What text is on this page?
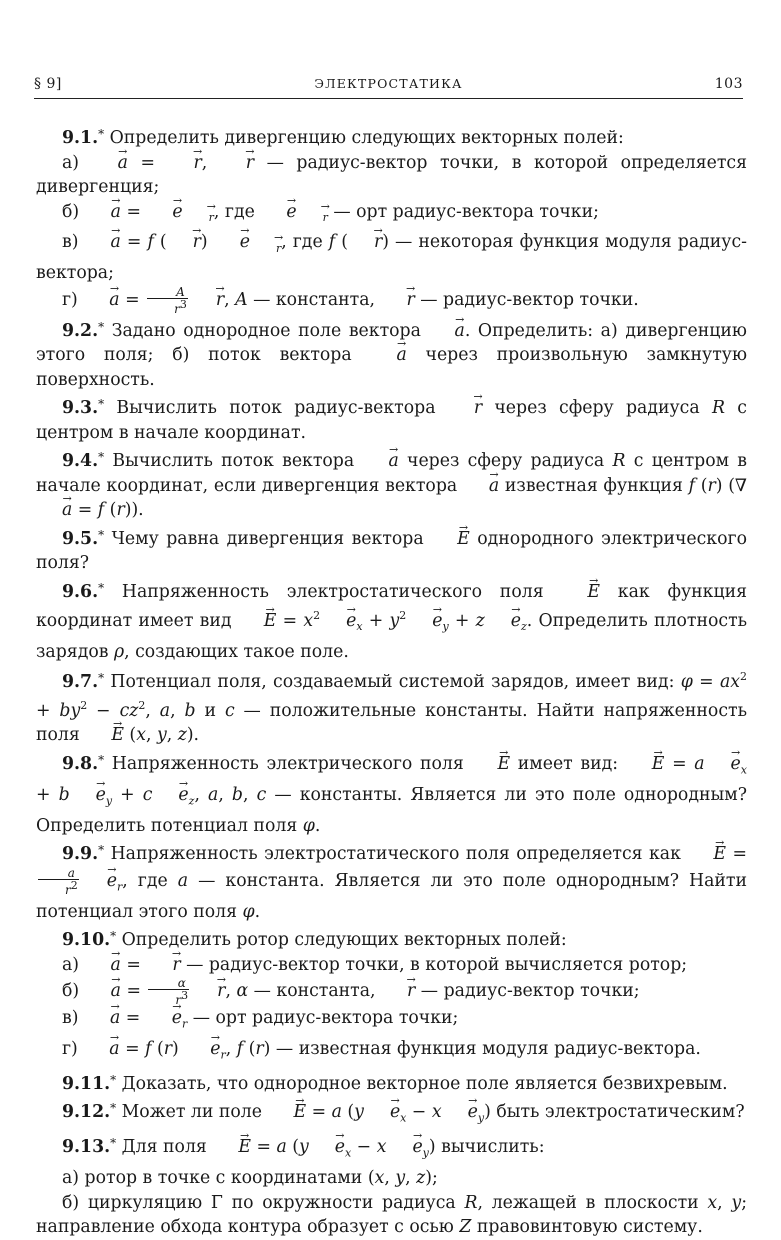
§ 9]	ЭЛЕКТРОСТАТИКА	103

9.1.* Определить дивергенцию следующих векторных полей:

а) → a = → r, → r — радиус-вектор точки, в которой определяется дивергенция;

б) → a = → e→ $_r$, где → e→ $_r$ — орт радиус-вектора точки;

в) → a = f (→ r) → e→ $_r$, где f (→ r) — некоторая функция модуля радиус-вектора;

$г) \to a = \frac{A}{r^3}$
→ r, A — константа, → r — радиус-вектор точки.

9.2.* Задано однородное поле вектора → a. Определить: а) дивергенцию этого поля; б) поток вектора →	a через произвольную замкнутую поверхность.

9.3.* Вычислить поток радиус-вектора → r через сферу радиуса R с центром в начале координат.

9.4.* Вычислить поток вектора → a через сферу радиуса R с центром в начале координат, если дивергенция вектора → a известная функция f (r) (∇ → a = f (r)).

9.5.* Чему равна дивергенция вектора → E однородного электрического поля?

9.6.* Напряженность электростатического поля →	E как функция координат имеет вид → $E = x^2\to e_x + y^2\to e_y + z\to e_z$. Определить плотность зарядов ρ, создающих такое поле.

9.7.* Потенциал поля, создаваемый системой зарядов, имеет вид: $\varphi = ax^2 + by^2 - cz^2$, a, b и c — положительные константы. Найти напряженность поля → E (x, y, z).

9.8.* Напряженность электрического поля → E имеет вид: → $E = a\to e_x + b\to e_y + c\to e_z$, a, b, c — константы. Является ли это поле однородным? Определить потенциал поля φ.

9.9.* Напряженность электростатического поля определяется как → E =
$\frac{a}{r^2}$
→ $e_r$, где a — константа. Является ли это поле однородным? Найти потенциал этого поля φ.

9.10.* Определить ротор следующих векторных полей:

а) → a = → r — радиус-вектор точки, в которой вычисляется ротор;

$б) \to a = \frac{\alpha}{r^3}$
→ r, α — константа, → r — радиус-вектор точки;

в) → a = → $e_r$ — орт радиус-вектора точки;

г) → a = f $(r) \to e_r$, f (r) — известная функция модуля радиус-вектора.

9.11.* Доказать, что однородное векторное поле является безвихревым.

9.12.* Может ли поле → E = a $(y\to e_x - x\to e_y)$ быть электростатическим?

9.13.* Для поля → E = a $(y\to e_x - x\to e_y)$ вычислить:

а) ротор в точке с координатами (x, y, z);

б) циркуляцию Γ по окружности радиуса R, лежащей в плоскости x, y; направление обхода контура образует с осью Z правовинтовую систему.
